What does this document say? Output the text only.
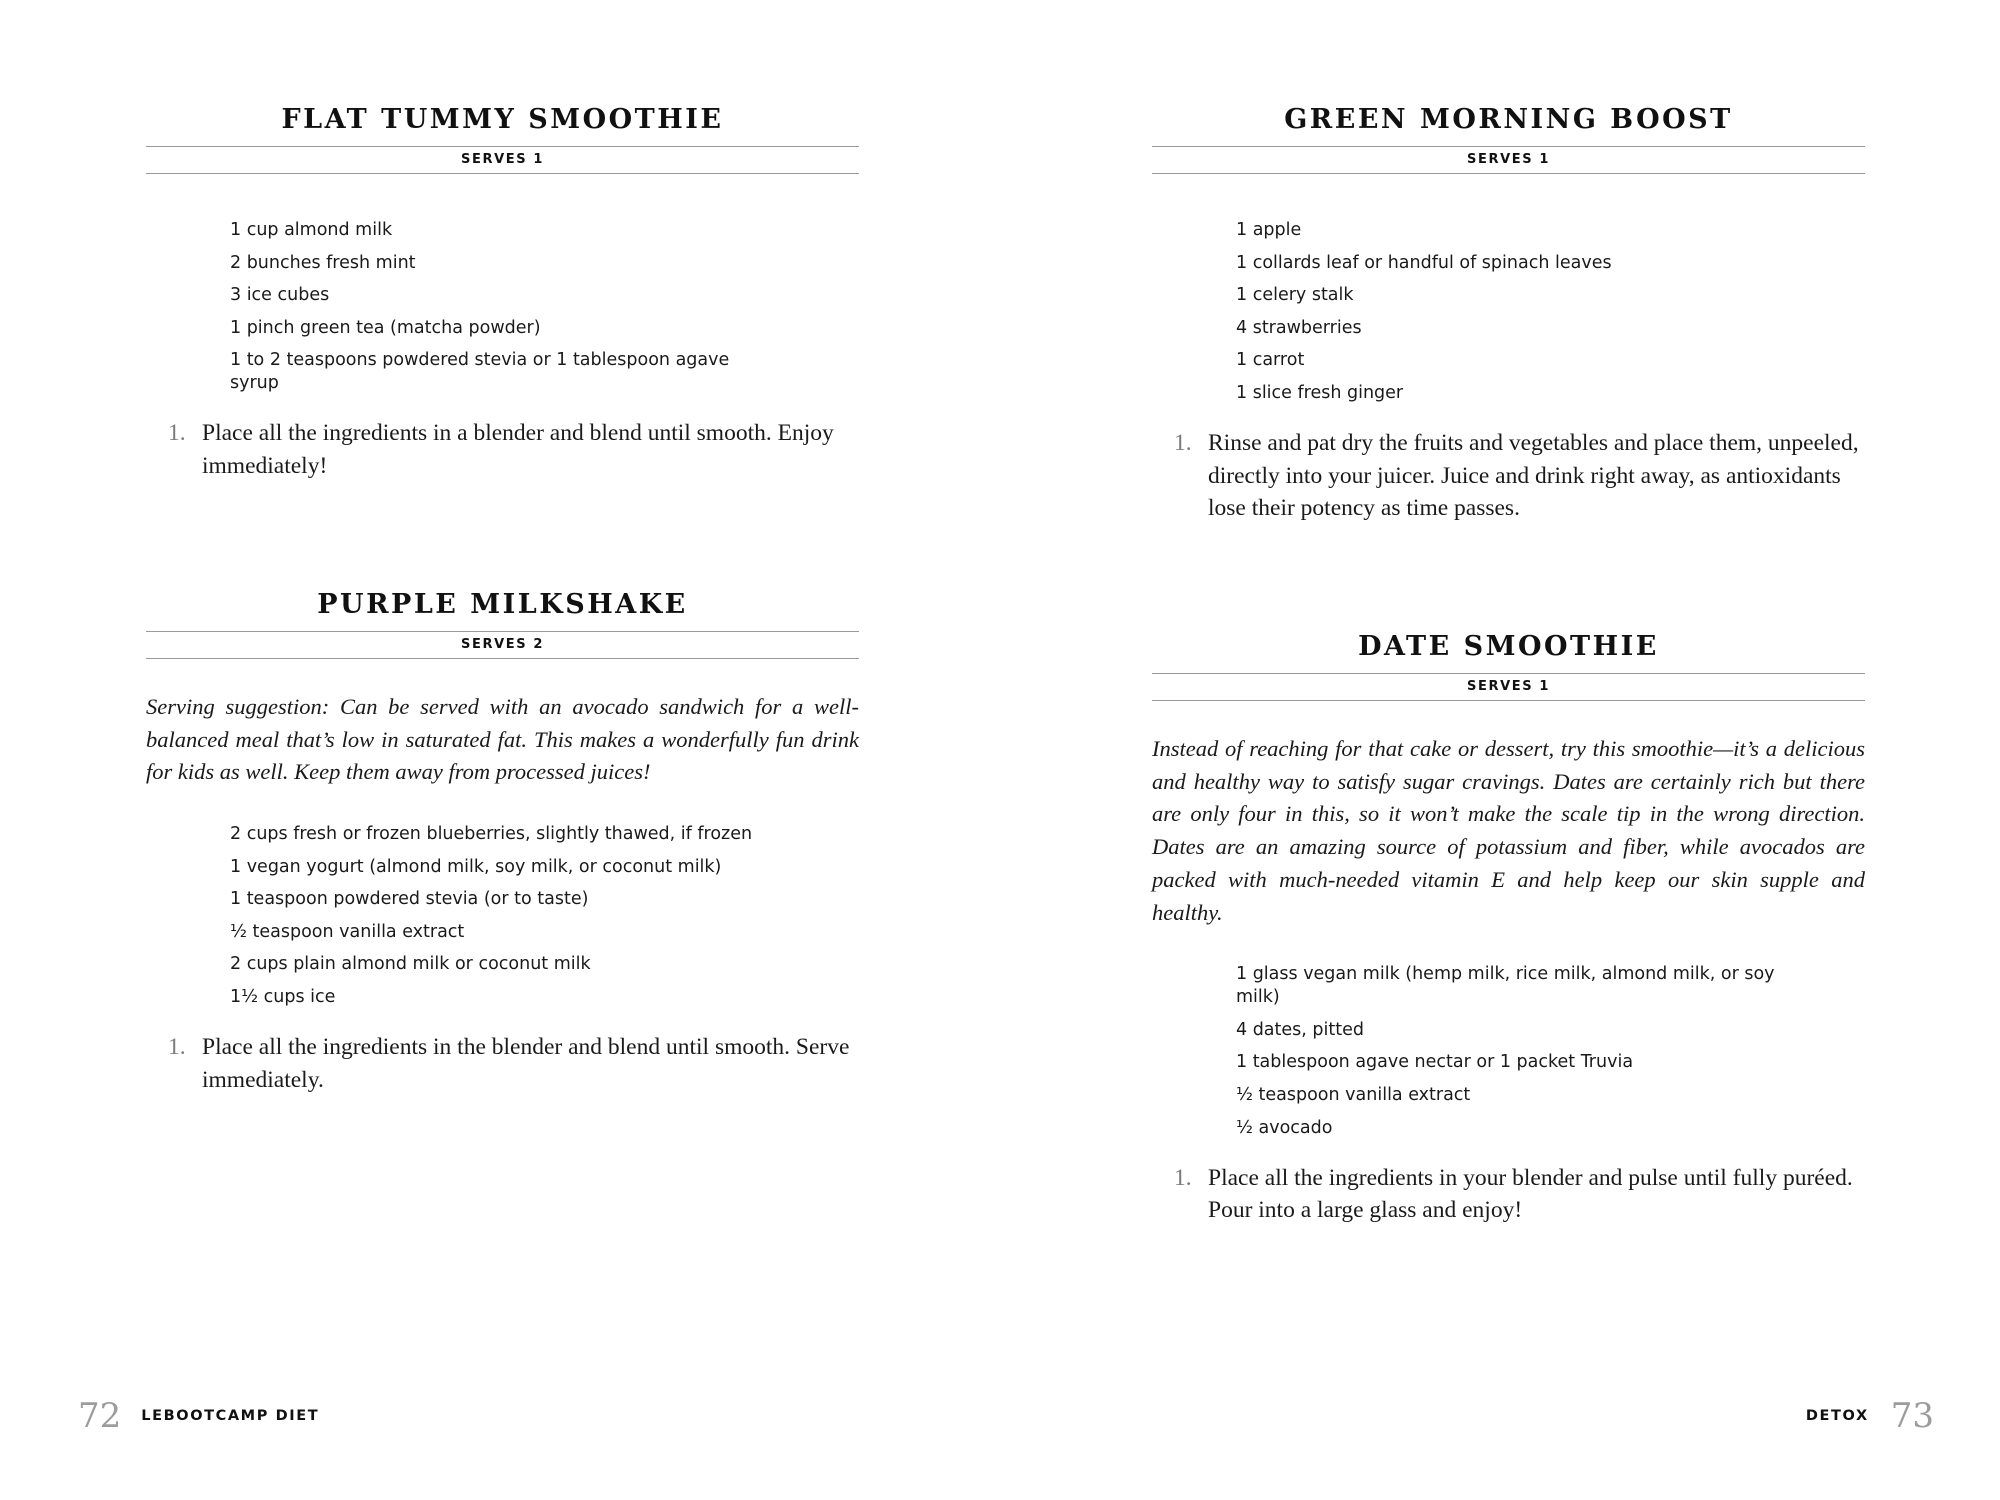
FLAT TUMMY SMOOTHIE
SERVES 1
1 cup almond milk
2 bunches fresh mint
3 ice cubes
1 pinch green tea (matcha powder)
1 to 2 teaspoons powdered stevia or 1 tablespoon agave syrup
1. Place all the ingredients in a blender and blend until smooth. Enjoy immediately!
PURPLE MILKSHAKE
SERVES 2

Serving suggestion: Can be served with an avocado sandwich for a well-balanced meal that’s low in saturated fat. This makes a wonderfully fun drink for kids as well. Keep them away from processed juices!

2 cups fresh or frozen blueberries, slightly thawed, if frozen
1 vegan yogurt (almond milk, soy milk, or coconut milk)
1 teaspoon powdered stevia (or to taste)
½ teaspoon vanilla extract
2 cups plain almond milk or coconut milk
1½ cups ice
1. Place all the ingredients in the blender and blend until smooth. Serve immediately.
GREEN MORNING BOOST
SERVES 1
1 apple
1 collards leaf or handful of spinach leaves
1 celery stalk
4 strawberries
1 carrot
1 slice fresh ginger
1. Rinse and pat dry the fruits and vegetables and place them, unpeeled, directly into your juicer. Juice and drink right away, as antioxidants lose their potency as time passes.
DATE SMOOTHIE
SERVES 1

Instead of reaching for that cake or dessert, try this smoothie—it’s a delicious and healthy way to satisfy sugar cravings. Dates are certainly rich but there are only four in this, so it won’t make the scale tip in the wrong direction. Dates are an amazing source of potassium and fiber, while avocados are packed with much-needed vitamin E and help keep our skin supple and healthy.

1 glass vegan milk (hemp milk, rice milk, almond milk, or soy milk)
4 dates, pitted
1 tablespoon agave nectar or 1 packet Truvia
½ teaspoon vanilla extract
½ avocado
1. Place all the ingredients in your blender and pulse until fully puréed. Pour into a large glass and enjoy!
72 LEBOOTCAMP DIET	DETOX 73
